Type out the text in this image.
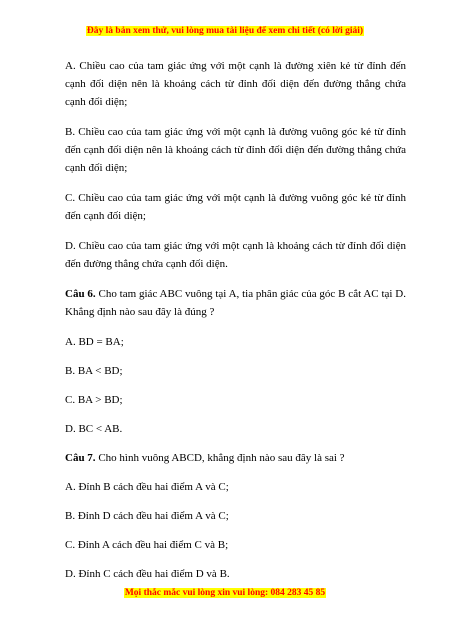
Đây là bản xem thử, vui lòng mua tài liệu để xem chi tiết (có lời giải)

A. Chiều cao của tam giác ứng với một cạnh là đường xiên kẻ từ đỉnh đến cạnh đối diện nên là khoảng cách từ đỉnh đối diện đến đường thẳng chứa cạnh đối diện;

B. Chiều cao của tam giác ứng với một cạnh là đường vuông góc kẻ từ đỉnh đến cạnh đối diện nên là khoảng cách từ đỉnh đối diện đến đường thẳng chứa cạnh đối diện;

C. Chiều cao của tam giác ứng với một cạnh là đường vuông góc kẻ từ đỉnh đến cạnh đối diện;

D. Chiều cao của tam giác ứng với một cạnh là khoảng cách từ đỉnh đối diện đến đường thẳng chứa cạnh đối diện.

Câu 6. Cho tam giác ABC vuông tại A, tia phân giác của góc B cắt AC tại D. Khẳng định nào sau đây là đúng ?

A. BD = BA;

B. BA < BD;

C. BA > BD;

D. BC < AB.

Câu 7. Cho hình vuông ABCD, khẳng định nào sau đây là sai ?

A. Đỉnh B cách đều hai điểm A và C;

B. Đỉnh D cách đều hai điểm A và C;

C. Đỉnh A cách đều hai điểm C và B;

D. Đỉnh C cách đều hai điểm D và B.

Mọi thắc mắc vui lòng xin vui lòng: 084 283 45 85
